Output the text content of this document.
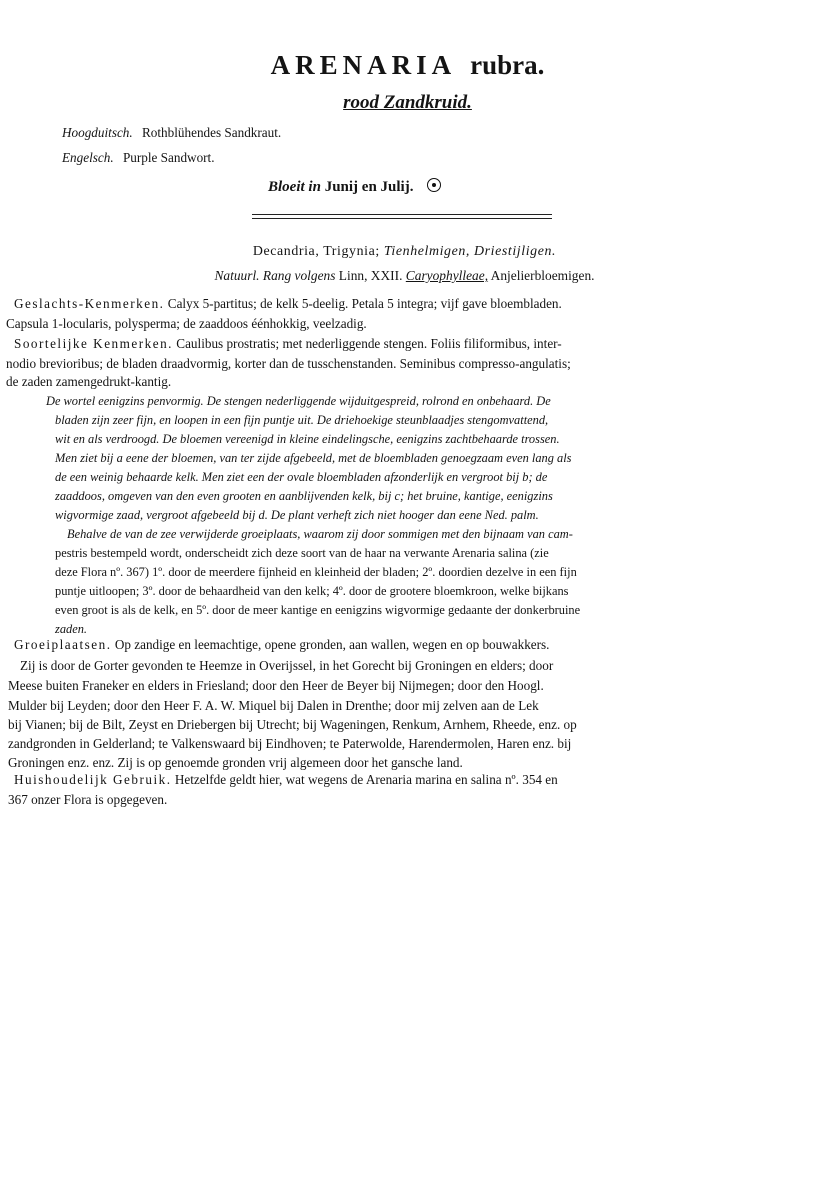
ARENARIA rubra.
rood Zandkruid.
Hoogduitsch. Rothblühendes Sandkraut.
Engelsch. Purple Sandwort.
Bloeit in Junij en Julij.
Decandria, Trigynia; Tienhelmigen, Driestijligen.
Natuurl. Rang volgens Linn, XXII. Caryophylleae, Anjelierbloemigen.
Geslachts-Kenmerken. Calyx 5-partitus; de kelk 5-deelig. Petala 5 integra; vijf gave bloembladen.
Capsula 1-locularis, polysperma; de zaaddoos éénhokkig, veelzadig.
Soortelijke Kenmerken. Caulibus prostratis; met nederliggende stengen. Foliis filiformibus, inter-
nodio brevioribus; de bladen draadvormig, korter dan de tusschenstanden. Seminibus compresso-angulatis;
de zaden zamengedrukt-kantig.
De wortel eenigzins penvormig. De stengen nederliggende wijduitgespreid, rolrond en onbehaard. De
bladen zijn zeer fijn, en loopen in een fijn puntje uit. De driehoekige steunblaadjes stengomvattend,
wit en als verdroogd. De bloemen vereenigd in kleine eindelingsche, eenigzins zachtbehaarde trossen.
Men ziet bij a eene der bloemen, van ter zijde afgebeeld, met de bloembladen genoegzaam even lang als
de een weinig behaarde kelk. Men ziet een der ovale bloembladen afzonderlijk en vergroot bij b; de
zaaddoos, omgeven van den even grooten en aanblijvenden kelk, bij c; het bruine, kantige, eenigzins
wigvormige zaad, vergroot afgebeeld bij d. De plant verheft zich niet hooger dan eene Ned. palm.
Behalve de van de zee verwijderde groeiplaats, waarom zij door sommigen met den bijnaam van cam-
pestris bestempeld wordt, onderscheidt zich deze soort van de haar na verwante Arenaria salina (zie
deze Flora nº. 367) 1º. door de meerdere fijnheid en kleinheid der bladen; 2º. doordien dezelve in een fijn
puntje uitloopen; 3º. door de behaardheid van den kelk; 4º. door de grootere bloemkroon, welke bijkans
even groot is als de kelk, en 5º. door de meer kantige en eenigzins wigvormige gedaante der donkerbruine
zaden.
Groeiplaatsen. Op zandige en leemachtige, opene gronden, aan wallen, wegen en op bouwakkers.
Zij is door de Gorter gevonden te Heemze in Overijssel, in het Gorecht bij Groningen en elders; door
Meese buiten Franeker en elders in Friesland; door den Heer de Beyer bij Nijmegen; door den Hoogl.
Mulder bij Leyden; door den Heer F. A. W. Miquel bij Dalen in Drenthe; door mij zelven aan de Lek
bij Vianen; bij de Bilt, Zeyst en Driebergen bij Utrecht; bij Wageningen, Renkum, Arnhem, Rheede, enz. op
zandgronden in Gelderland; te Valkenswaard bij Eindhoven; te Paterwolde, Harendermolen, Haren enz. bij
Groningen enz. enz. Zij is op genoemde gronden vrij algemeen door het gansche land.
Huishoudelijk Gebruik. Hetzelfde geldt hier, wat wegens de Arenaria marina en salina nº. 354 en
367 onzer Flora is opgegeven.
